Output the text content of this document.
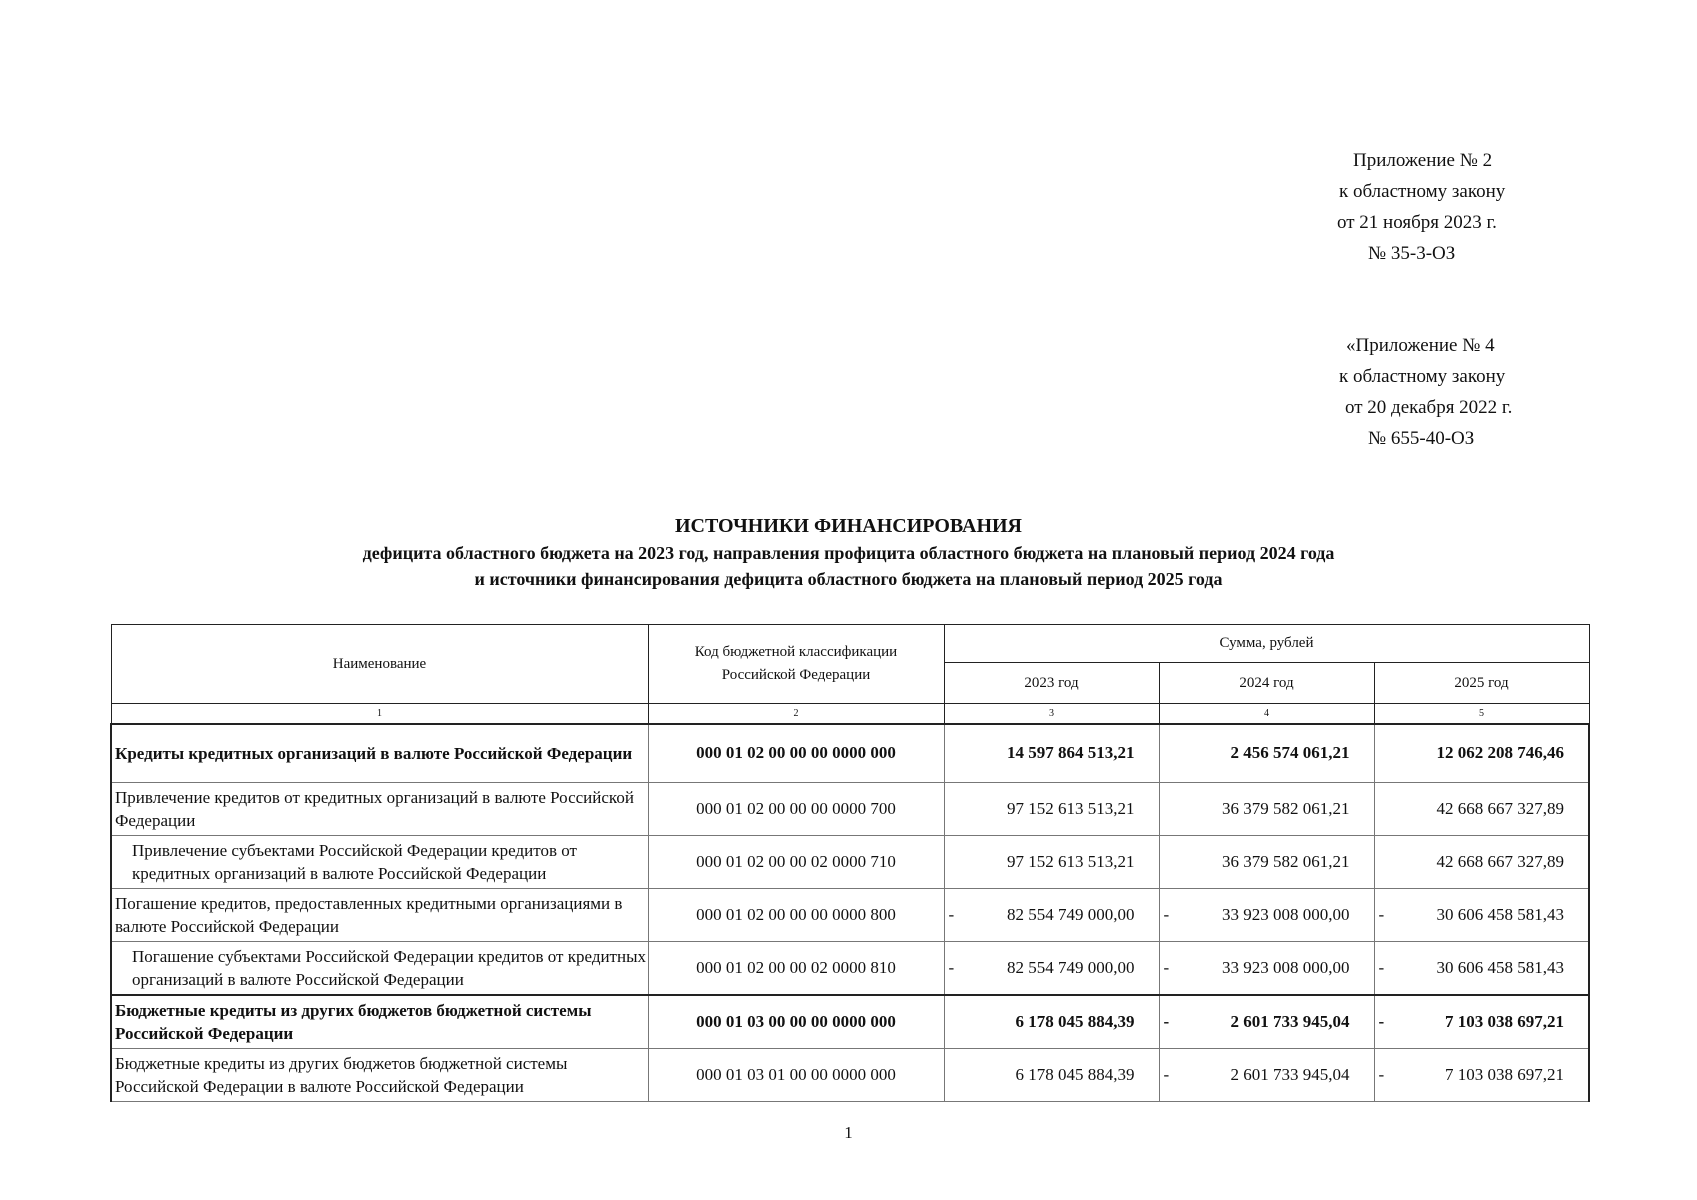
Приложение № 2
к областному закону
от 21 ноября 2023 г.
№ 35-3-ОЗ
«Приложение № 4
к областному закону
от 20 декабря 2022 г.
№ 655-40-ОЗ
ИСТОЧНИКИ ФИНАНСИРОВАНИЯ
дефицита областного бюджета на 2023 год, направления профицита областного бюджета на плановый период 2024 года
и источники финансирования дефицита областного бюджета на плановый период 2025 года
Наименование	Код бюджетной классификации Российской Федерации	Сумма, рублей		
		2023 год	2024 год	2025 год
1	2	3	4	5
Кредиты кредитных организаций в валюте Российской Федерации	000 01 02 00 00 00 0000 000	14 597 864 513,21	2 456 574 061,21	12 062 208 746,46
Привлечение кредитов от кредитных организаций в валюте Российской Федерации	000 01 02 00 00 00 0000 700	97 152 613 513,21	36 379 582 061,21	42 668 667 327,89
Привлечение субъектами Российской Федерации кредитов от кредитных организаций в валюте Российской Федерации	000 01 02 00 00 02 0000 710	97 152 613 513,21	36 379 582 061,21	42 668 667 327,89
Погашение кредитов, предоставленных кредитными организациями в валюте Российской Федерации	000 01 02 00 00 00 0000 800	- 82 554 749 000,00	- 33 923 008 000,00	- 30 606 458 581,43
Погашение субъектами Российской Федерации кредитов от кредитных организаций в валюте Российской Федерации	000 01 02 00 00 02 0000 810	- 82 554 749 000,00	- 33 923 008 000,00	- 30 606 458 581,43
Бюджетные кредиты из других бюджетов бюджетной системы Российской Федерации	000 01 03 00 00 00 0000 000	6 178 045 884,39	- 2 601 733 945,04	- 7 103 038 697,21
Бюджетные кредиты из других бюджетов бюджетной системы Российской Федерации в валюте Российской Федерации	000 01 03 01 00 00 0000 000	6 178 045 884,39	- 2 601 733 945,04	- 7 103 038 697,21
1
